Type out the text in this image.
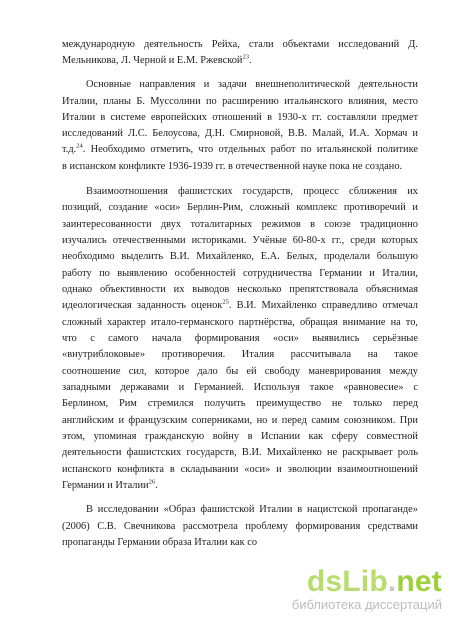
международную деятельность Рейха, стали объектами исследований Д.
Мельникова, Л. Черной и Е.М. Ржевской$^{23}$.
Основные направления и задачи внешнеполитической деятельности
Италии, планы Б. Муссолини по расширению итальянского влияния, место
Италии в системе европейских отношений в 1930-х гг. составляли предмет
исследований Л.С. Белоусова, Д.Н. Смирновой, В.В. Малай, И.А. Хормач и
т.д.$^{24}$. Необходимо отметить, что отдельных работ по итальянской политике
в испанском конфликте 1936-1939 гг. в отечественной науке пока не создано.
Взаимоотношения фашистских государств, процесс сближения их
позиций, создание «оси» Берлин-Рим, сложный комплекс противоречий и
заинтересованности двух тоталитарных режимов в союзе традиционно
изучались отечественными историками. Учёные 60-80-х гг., среди которых
необходимо выделить В.И. Михайленко, Е.А. Белых, проделали большую
работу по выявлению особенностей сотрудничества Германии и Италии,
однако объективности их выводов несколько препятствовала объяснимая
идеологическая заданность оценок$^{25}$. В.И. Михайленко справедливо отмечал
сложный характер итало-германского партнёрства, обращая внимание на то,
что с самого начала формирования «оси» выявились серьёзные
«внутриблоковые» противоречия. Италия рассчитывала на такое
соотношение сил, которое дало бы ей свободу маневрирования между
западными державами и Германией. Используя такое «равновесие» с
Берлином, Рим стремился получить преимущество не только перед
английским и французским соперниками, но и перед самим союзником. При
этом, упоминая гражданскую войну в Испании как сферу совместной
деятельности фашистских государств, В.И. Михайленко не раскрывает роль
испанского конфликта в складывании «оси» и эволюции взаимоотношений
Германии и Италии$^{26}$.
В исследовании «Образ фашистской Италии в нацистской пропаганде»
(2006) С.В. Свечникова рассмотрела проблему формирования средствами
пропаганды Германии образа Италии как со
dsLib.net
библиотека диссертаций
